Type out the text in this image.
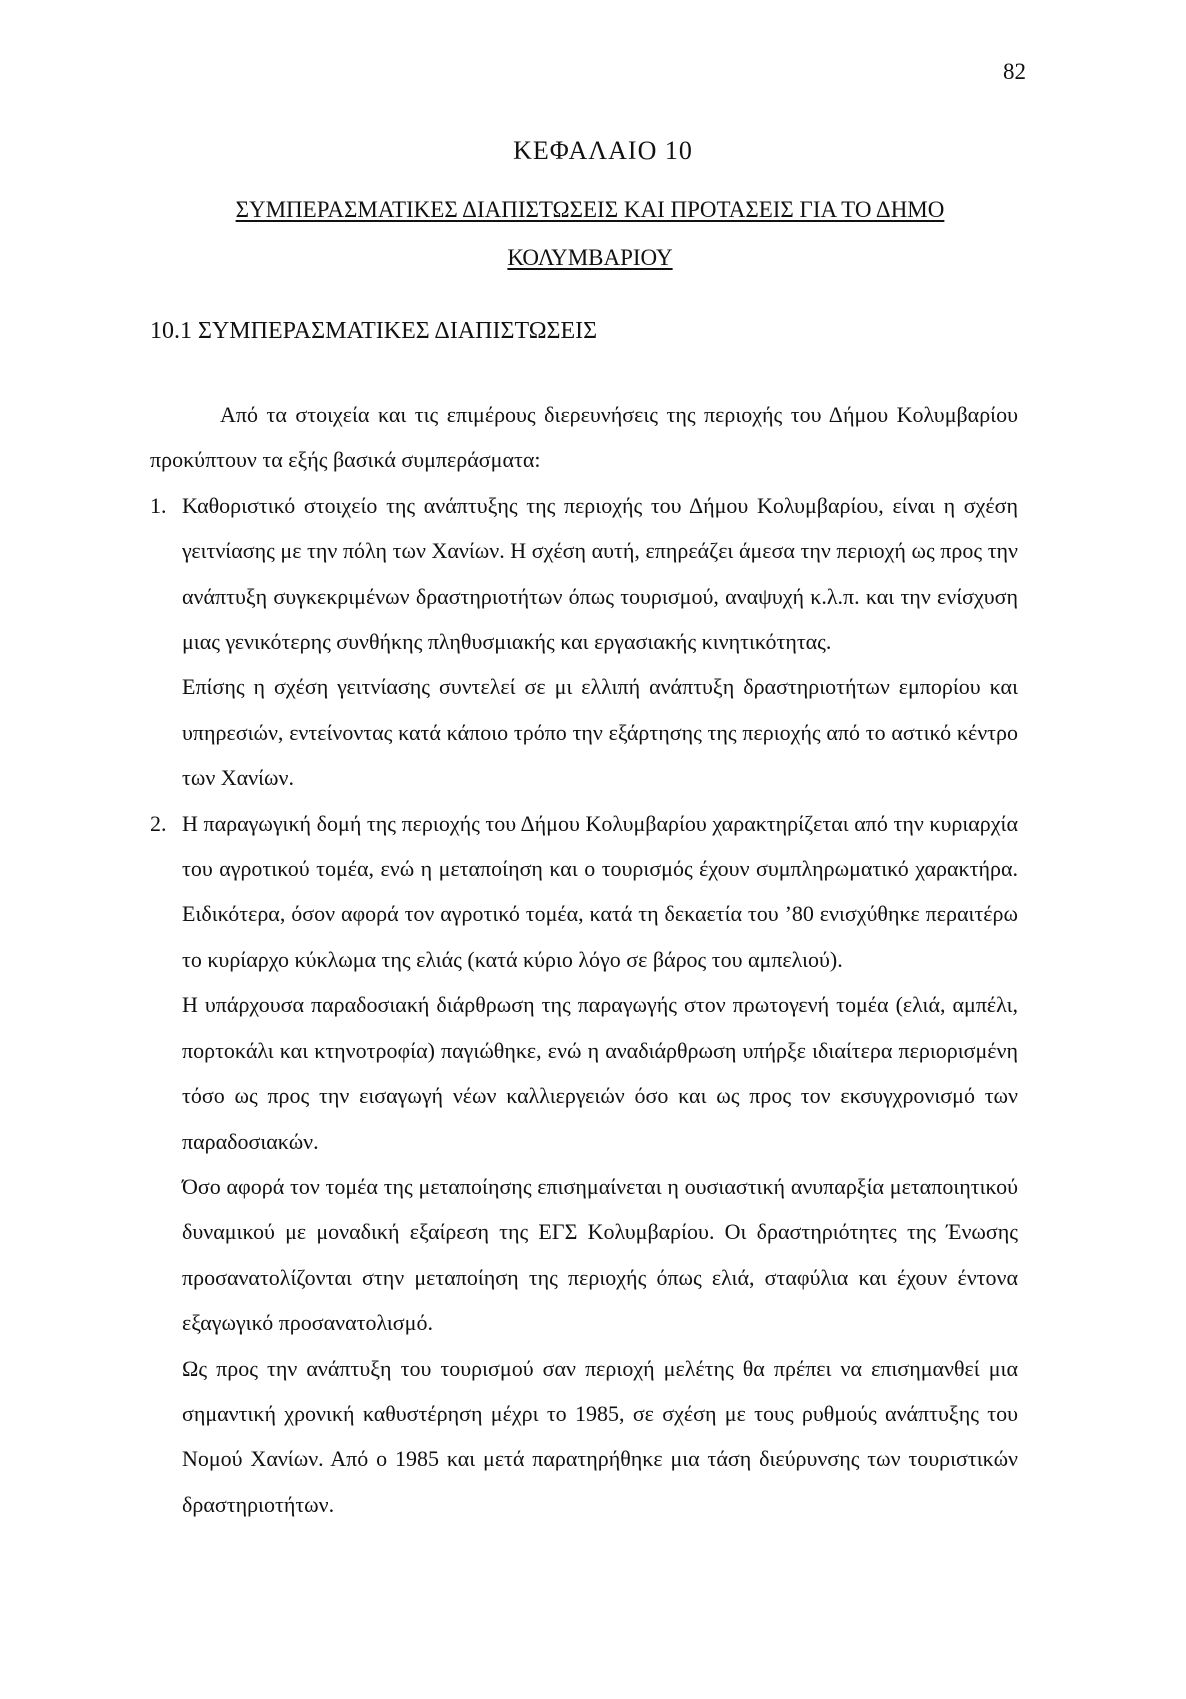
82
ΚΕΦΑΛΑΙΟ 10
ΣΥΜΠΕΡΑΣΜΑΤΙΚΕΣ ΔΙΑΠΙΣΤΩΣΕΙΣ ΚΑΙ ΠΡΟΤΑΣΕΙΣ ΓΙΑ ΤΟ ΔΗΜΟ
ΚΟΛΥΜΒΑΡΙΟΥ
10.1 ΣΥΜΠΕΡΑΣΜΑΤΙΚΕΣ ΔΙΑΠΙΣΤΩΣΕΙΣ

Από τα στοιχεία και τις επιμέρους διερευνήσεις της περιοχής του Δήμου Κολυμβαρίου προκύπτουν τα εξής βασικά συμπεράσματα:

1. Καθοριστικό στοιχείο της ανάπτυξης της περιοχής του Δήμου Κολυμβαρίου, είναι η σχέση γειτνίασης με την πόλη των Χανίων. Η σχέση αυτή, επηρεάζει άμεσα την περιοχή ως προς την ανάπτυξη συγκεκριμένων δραστηριοτήτων όπως τουρισμού, αναψυχή κ.λ.π. και την ενίσχυση μιας γενικότερης συνθήκης πληθυσμιακής και εργασιακής κινητικότητας.

Επίσης η σχέση γειτνίασης συντελεί σε μι ελλιπή ανάπτυξη δραστηριοτήτων εμπορίου και υπηρεσιών, εντείνοντας κατά κάποιο τρόπο την εξάρτησης της περιοχής από το αστικό κέντρο των Χανίων.

2. Η παραγωγική δομή της περιοχής του Δήμου Κολυμβαρίου χαρακτηρίζεται από την κυριαρχία του αγροτικού τομέα, ενώ η μεταποίηση και ο τουρισμός έχουν συμπληρωματικό χαρακτήρα. Ειδικότερα, όσον αφορά τον αγροτικό τομέα, κατά τη δεκαετία του ’80 ενισχύθηκε περαιτέρω το κυρίαρχο κύκλωμα της ελιάς (κατά κύριο λόγο σε βάρος του αμπελιού).

Η υπάρχουσα παραδοσιακή διάρθρωση της παραγωγής στον πρωτογενή τομέα (ελιά, αμπέλι, πορτοκάλι και κτηνοτροφία) παγιώθηκε, ενώ η αναδιάρθρωση υπήρξε ιδιαίτερα περιορισμένη τόσο ως προς την εισαγωγή νέων καλλιεργειών όσο και ως προς τον εκσυγχρονισμό των παραδοσιακών.

Όσο αφορά τον τομέα της μεταποίησης επισημαίνεται η ουσιαστική ανυπαρξία μεταποιητικού δυναμικού με μοναδική εξαίρεση της ΕΓΣ Κολυμβαρίου. Οι δραστηριότητες της Ένωσης προσανατολίζονται στην μεταποίηση της περιοχής όπως ελιά, σταφύλια και έχουν έντονα εξαγωγικό προσανατολισμό.

Ως προς την ανάπτυξη του τουρισμού σαν περιοχή μελέτης θα πρέπει να επισημανθεί μια σημαντική χρονική καθυστέρηση μέχρι το 1985, σε σχέση με τους ρυθμούς ανάπτυξης του Νομού Χανίων. Από ο 1985 και μετά παρατηρήθηκε μια τάση διεύρυνσης των τουριστικών δραστηριοτήτων.
